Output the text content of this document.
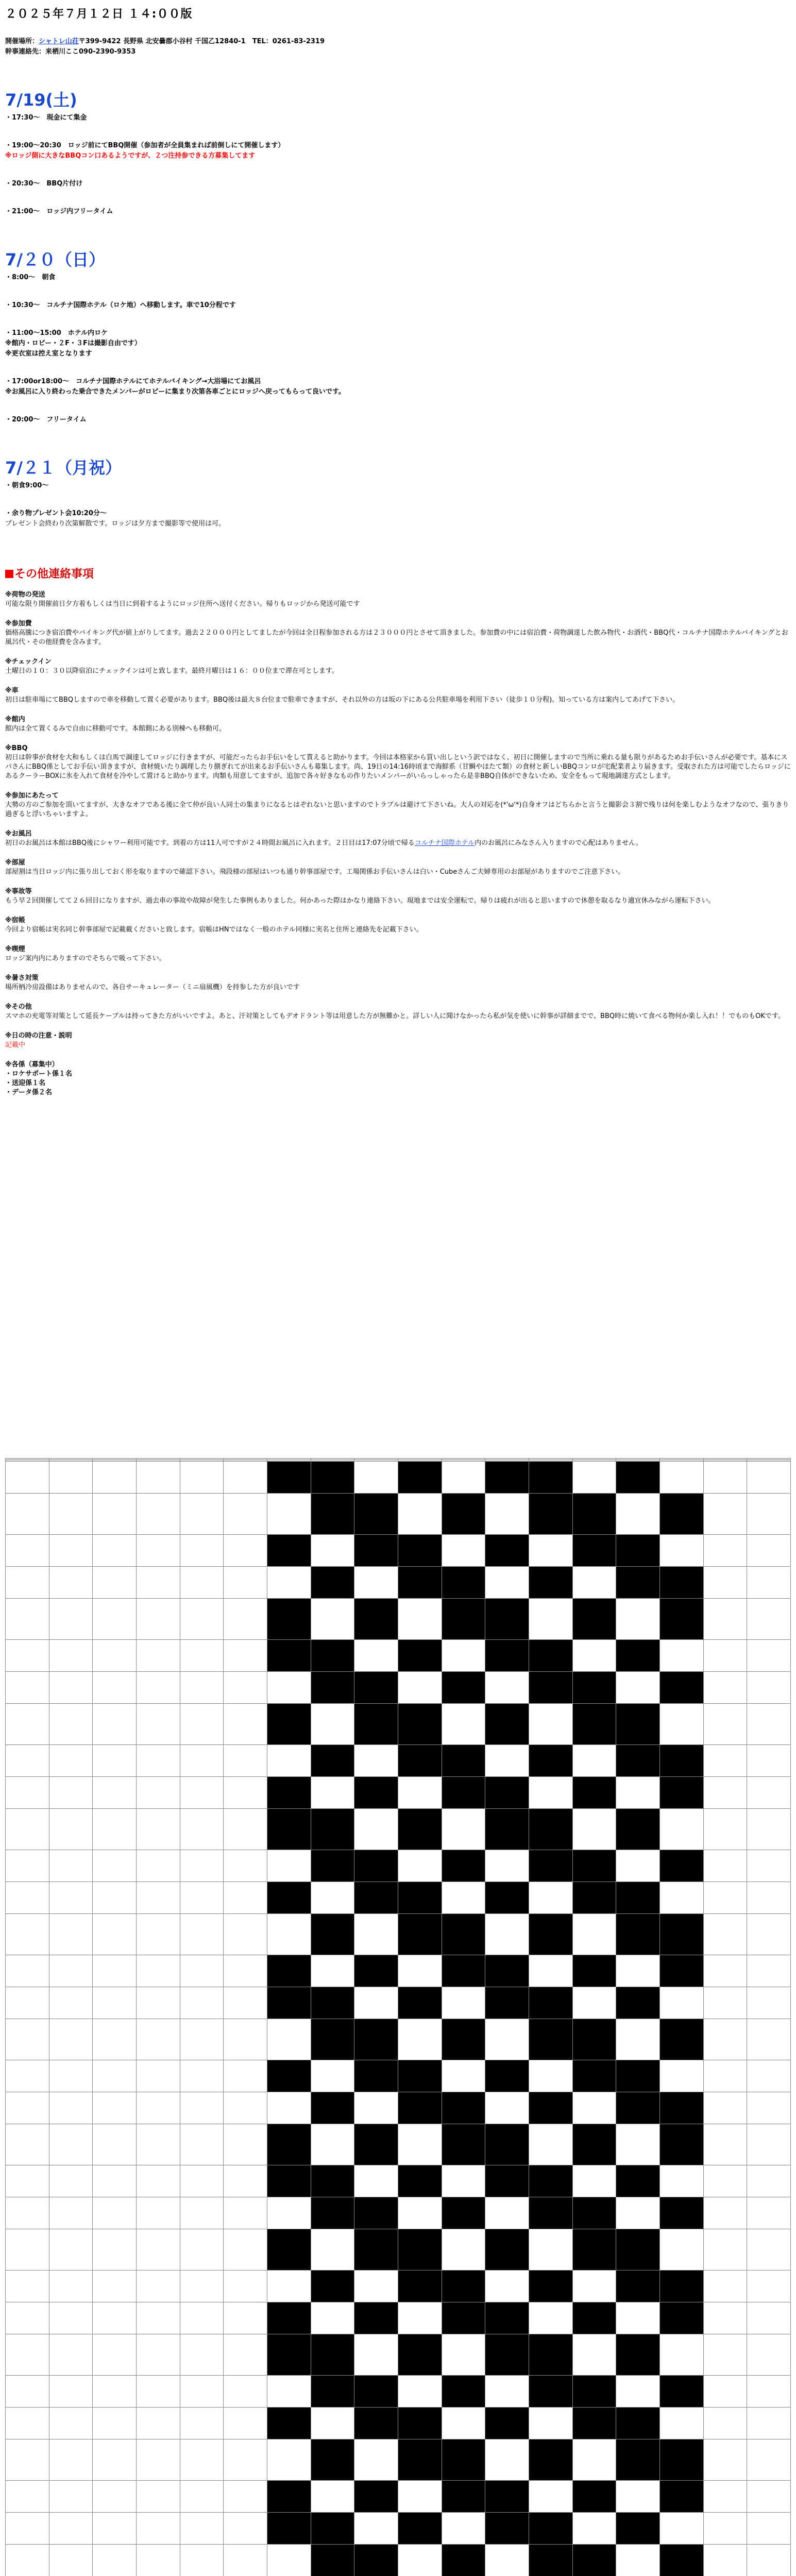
２０２５年７月１２日 １４:００版
開催場所：シャトレ山荘〒399-9422 長野県 北安曇郡小谷村 千国乙12840-1　TEL：0261-83-2319
幹事連絡先：来栖川ここ090-2390-9353
7/19(土)

・17:30～　現金にて集金

・19:00～20:30　ロッジ前にてBBQ開催（参加者が全員集まれば前倒しにて開催します）

※ロッジ側に大きなBBQコン口あるようですが、２つ注持参できる方募集してます

・20:30～　BBQ片付け

・21:00～　ロッジ内フリータイム

7/２０（日）

・8:00～　朝食

・10:30～　コルチナ国際ホテル（ロケ地）へ移動します。車で10分程です

・11:00～15:00　ホテル内ロケ

※館内・ロビー・２F・３Fは撮影自由です）

※更衣室は控え室となります

・17:00or18:00～　コルチナ国際ホテルにてホテルバイキング→大浴場にてお風呂

※お風呂に入り終わった乗合できたメンバーがロビーに集まり次第各車ごとにロッジへ戻ってもらって良いです。

・20:00～　フリータイム

7/２１（月祝）

・朝食9:00～

・余り物プレゼント会10:20分～

プレゼント会終わり次第解散です。ロッジは夕方まで撮影等で使用は可。

その他連絡事項
※荷物の発送
可能な限り開催前日夕方着もしくは当日に到着するようにロッジ住所へ送付ください。帰りもロッジから発送可能です
※参加費
価格高騰につき宿泊費やバイキング代が値上がりしてます。過去２２０００円としてましたが今回は全日程参加される方は２３０００円とさせて頂きました。参加費の中には宿泊費・荷物調達した飲み物代・お酒代・BBQ代・コルチナ国際ホテルバイキングとお風呂代・その他経費を含みます。
※チェックイン
土曜日の１０：３０以降宿泊にチェックインは可と致します。最終月曜日は１６：００位まで滞在可とします。
※車
初日は駐車場にてBBQしますので車を移動して置く必要があります。BBQ後は最大８台位まで駐車できますが、それ以外の方は坂の下にある公共駐車場を利用下さい（徒歩１０分程)。知っている方は案内してあげて下さい。
※館内
館内は全て置くるみで自由に移動可です。本館側にある別棟へも移動可。
※BBQ
初日は幹事が食材を大和もしくは白馬で調達してロッジに行きますが、可能だったらお手伝いをして貰えると助かります。今回は本格家から買い出しという訳ではなく、初日に開催しますので当所に乗れる量も限りがあるためお手伝いさんが必要です。基本にスパさんにBBQ係としてお手伝い頂きますが、食材焼いたり調理したり捌ぎれてが出来るお手伝いさんも募集します。尚、19日の14:16時頃まで海鮮系（甘鯛やほたて類）の食材と新しいBBQコンロが宅配業者より届きます。受取された方は可能でしたらロッジにあるクーラーBOXに氷を入れて食材を冷やして置けると助かります。肉類も用意してますが、追加で各々好きなもの作りたいメンバーがいらっしゃったら是非BBQ自体ができないため、安全をもって現地調達方式とします。
※参加にあたって
大勢の方のご参加を頂いてますが、大きなオフである後に全て仲が良い人同士の集まりになるとはぞれないと思いますのでトラブルは避けて下さいね。大人の対応を(*'ω'*)自身オフはどちらかと言うと撮影会３割で残りは何を楽しむようなオフなので、張りきり過ぎると浮いちゃいますよ。
※お風呂
初日のお風呂は本館はBBQ後にシャワー利用可能です。到着の方は11人可ですが２４時間お風呂に入れます。２日目は17:07分頃で帰るコルチナ国際ホテル内のお風呂にみなさん入りますので心配はありません。
※部屋
部屋割は当日ロッジ内に張り出しておく形を取りますので確認下さい。飛段様の部屋はいつも通り幹事部屋です。工場関係お手伝いさんは白い・Cubeさんご夫婦専用のお部屋がありますのでご注意下さい。
※事故等
もう早２回開催してて２６回目になりますが、過去車の事故や故障が発生した事例もありました。何かあった際はかなり連絡下さい。現地までは安全運転で。帰りは疲れが出ると思いますので休憩を取るなり適宜休みながら運転下さい。
※宿帳
今回より宿帳は実名同じ幹事部屋で記載載くださいと致します。宿帳はHNではなく一般のホテル同様に実名と住所と連絡先を記載下さい。
※喫煙
ロッジ案内内にありますのでそちらで吸って下さい。
※暑さ対策
場所柄冷房設備はありませんので、各自サーキュレーター（ミニ扇風機）を持参した方が良いです
※その他
スマホの充電等対策として延長ケーブルは持ってきた方がいいですよ。あと、汗対策としてもデオドラント等は用意した方が無難かと。詳しい人に聞けなかったら私が気を使いに幹事が詳細までで、BBQ時に焼いて食べる物何か楽し入れ！！でものもOKです。
※日の時の注意・説明
記載中
※各係（募集中）
・ロケサポート係１名
・送迎係１名
・データ係２名
